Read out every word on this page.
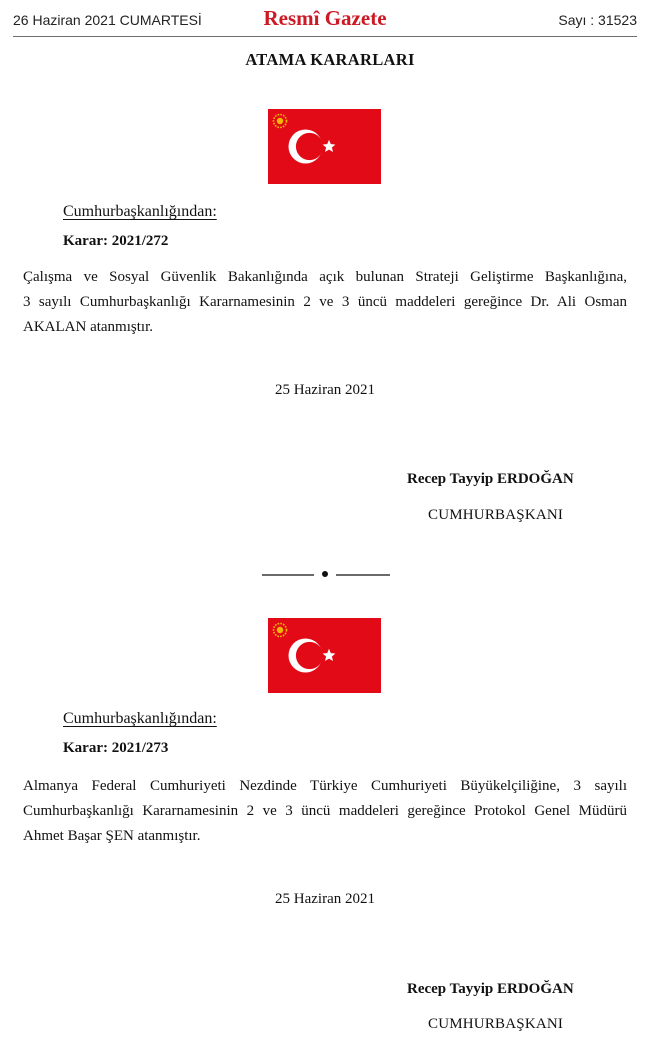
26 Haziran 2021 CUMARTESİ	Resmî Gazete	Sayı : 31523
ATAMA KARARLARI
Cumhurbaşkanlığından:
Karar: 2021/272
Çalışma ve Sosyal Güvenlik Bakanlığında açık bulunan Strateji Geliştirme Başkanlığına,
3 sayılı Cumhurbaşkanlığı Kararnamesinin 2 ve 3 üncü maddeleri gereğince Dr. Ali Osman
AKALAN atanmıştır.
25 Haziran 2021
Recep Tayyip ERDOĞAN
CUMHURBAŞKANI
Cumhurbaşkanlığından:
Karar: 2021/273
Almanya Federal Cumhuriyeti Nezdinde Türkiye Cumhuriyeti Büyükelçiliğine, 3 sayılı
Cumhurbaşkanlığı Kararnamesinin 2 ve 3 üncü maddeleri gereğince Protokol Genel Müdürü
Ahmet Başar ŞEN atanmıştır.
25 Haziran 2021
Recep Tayyip ERDOĞAN
CUMHURBAŞKANI
